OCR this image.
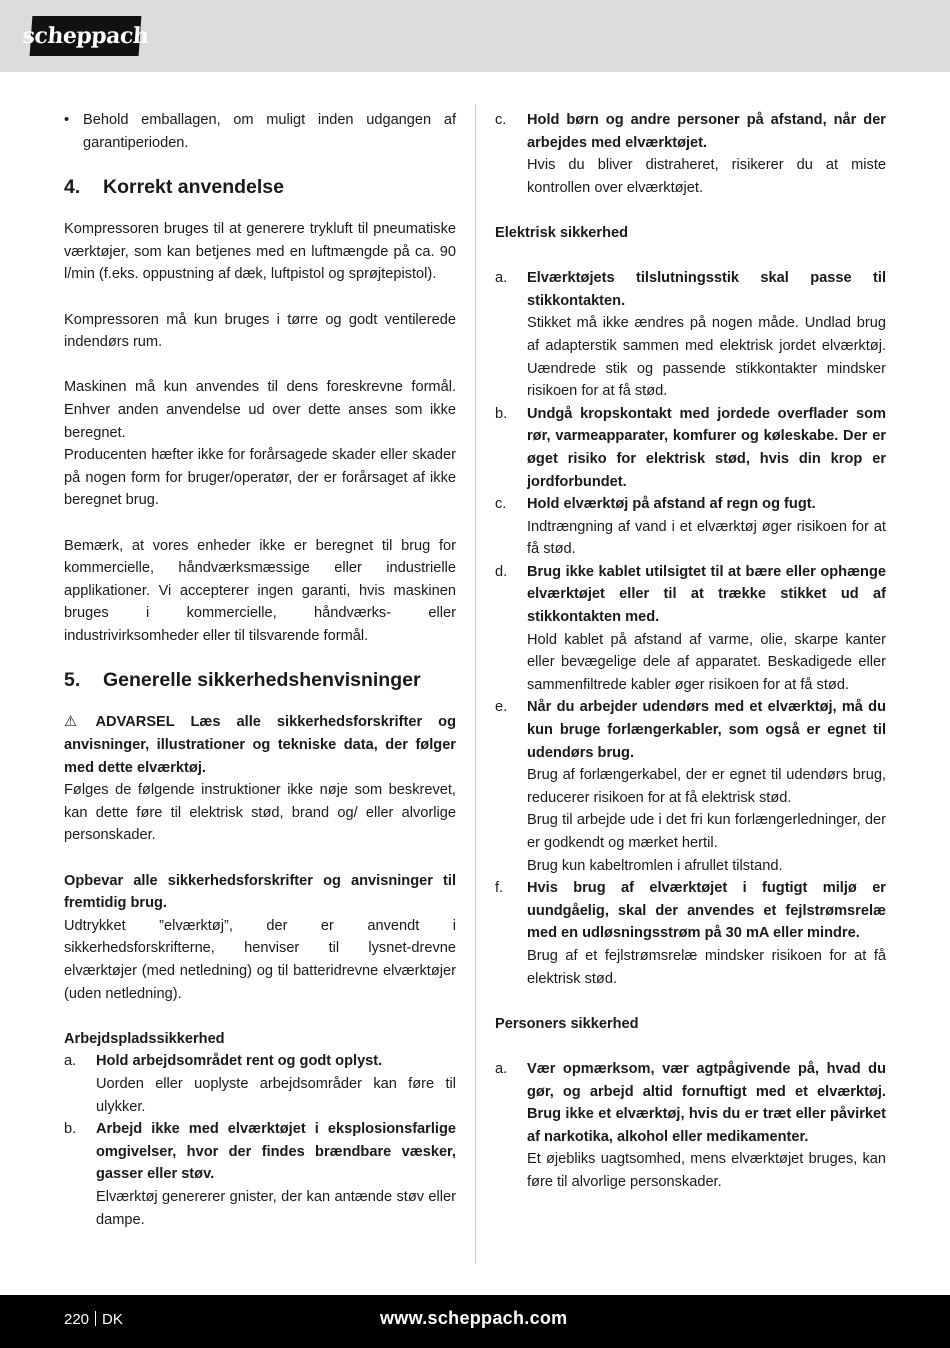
scheppach
• Behold emballagen, om muligt inden udgangen af garantiperioden.
4.	Korrekt anvendelse

Kompressoren bruges til at generere trykluft til pneumatiske værktøjer, som kan betjenes med en luftmængde på ca. 90 l/min (f.eks. oppustning af dæk, luftpistol og sprøjtepistol).

Kompressoren må kun bruges i tørre og godt ventilerede indendørs rum.

Maskinen må kun anvendes til dens foreskrevne formål. Enhver anden anvendelse ud over dette anses som ikke beregnet.

Producenten hæfter ikke for forårsagede skader eller skader på nogen form for bruger/operatør, der er forårsaget af ikke beregnet brug.

Bemærk, at vores enheder ikke er beregnet til brug for kommercielle, håndværksmæssige eller industrielle applikationer. Vi accepterer ingen garanti, hvis maskinen bruges i kommercielle, håndværks- eller industrivirksomheder eller til tilsvarende formål.

5.	Generelle sikkerhedshenvisninger

⚠ ADVARSEL Læs alle sikkerhedsforskrifter og anvisninger, illustrationer og tekniske data, der følger med dette elværktøj.

Følges de følgende instruktioner ikke nøje som beskrevet, kan dette føre til elektrisk stød, brand og/ eller alvorlige personskader.

Opbevar alle sikkerhedsforskrifter og anvisninger til fremtidig brug.

Udtrykket ”elværktøj”, der er anvendt i sikkerhedsforskrifterne, henviser til lysnet-drevne elværktøjer (med netledning) og til batteridrevne elværktøjer (uden netledning).

Arbejdspladssikkerhed

a.	Hold arbejdsområdet rent og godt oplyst.

Uorden eller uoplyste arbejdsområder kan føre til ulykker.

b.	Arbejd ikke med elværktøjet i eksplosionsfarlige omgivelser, hvor der findes brændbare væsker, gasser eller støv.

Elværktøj genererer gnister, der kan antænde støv eller dampe.

c.	Hold børn og andre personer på afstand, når der arbejdes med elværktøjet.

Hvis du bliver distraheret, risikerer du at miste kontrollen over elværktøjet.

Elektrisk sikkerhed

a.	Elværktøjets tilslutningsstik skal passe til stikkontakten.

Stikket må ikke ændres på nogen måde. Undlad brug af adapterstik sammen med elektrisk jordet elværktøj. Uændrede stik og passende stikkontakter mindsker risikoen for at få stød.

b.	Undgå kropskontakt med jordede overflader som rør, varmeapparater, komfurer og køleskabe. Der er øget risiko for elektrisk stød, hvis din krop er jordforbundet.

c.	Hold elværktøj på afstand af regn og fugt.

Indtrængning af vand i et elværktøj øger risikoen for at få stød.

d.	Brug ikke kablet utilsigtet til at bære eller ophænge elværktøjet eller til at trække stikket ud af stikkontakten med.

Hold kablet på afstand af varme, olie, skarpe kanter eller bevægelige dele af apparatet. Beskadigede eller sammenfiltrede kabler øger risikoen for at få stød.

e.	Når du arbejder udendørs med et elværktøj, må du kun bruge forlængerkabler, som også er egnet til udendørs brug.

Brug af forlængerkabel, der er egnet til udendørs brug, reducerer risikoen for at få elektrisk stød.

Brug til arbejde ude i det fri kun forlængerledninger, der er godkendt og mærket hertil.

Brug kun kabeltromlen i afrullet tilstand.

f.	Hvis brug af elværktøjet i fugtigt miljø er uundgåelig, skal der anvendes et fejlstrømsrelæ med en udløsningsstrøm på 30 mA eller mindre.

Brug af et fejlstrømsrelæ mindsker risikoen for at få elektrisk stød.

Personers sikkerhed

a.	Vær opmærksom, vær agtpågivende på, hvad du gør, og arbejd altid fornuftigt med et elværktøj. Brug ikke et elværktøj, hvis du er træt eller påvirket af narkotika, alkohol eller medikamenter.

Et øjebliks uagtsomhed, mens elværktøjet bruges, kan føre til alvorlige personskader.

220 DK	www.scheppach.com
